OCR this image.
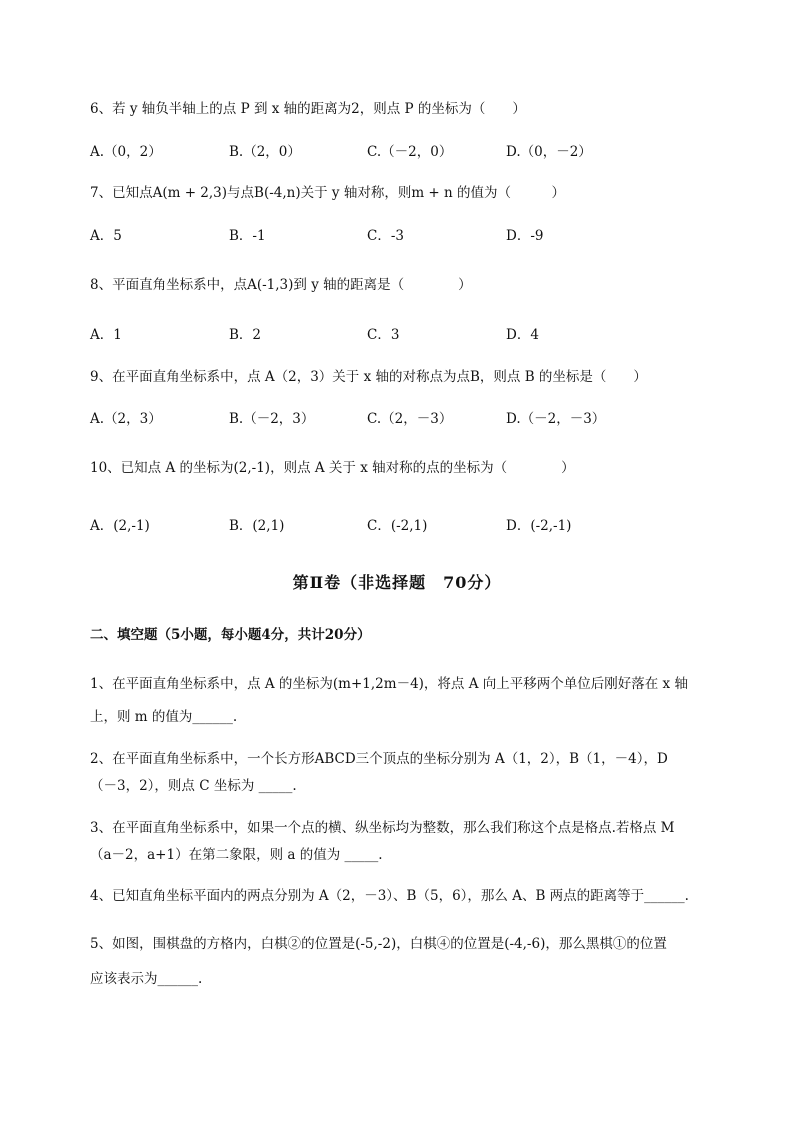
6、若 y 轴负半轴上的点 P 到 x 轴的距离为2，则点 P 的坐标为（　　）
A.（0，2）	B.（2，0）	C.（－2，0）	D.（0，－2）
7、已知点A(m + 2,3)与点B(-4,n)关于 y 轴对称，则m + n 的值为（　　　）
A．5	B．-1	C．-3	D．-9
8、平面直角坐标系中，点A(-1,3)到 y 轴的距离是（　　　　）
A．1	B．2	C．3	D．4
9、在平面直角坐标系中，点 A（2，3）关于 x 轴的对称点为点B，则点 B 的坐标是（　　）
A.（2，3）	B.（－2，3）	C.（2，－3）	D.（－2，－3）
10、已知点 A 的坐标为(2,-1)，则点 A 关于 x 轴对称的点的坐标为（　　　　）
A．(2,-1)	B．(2,1)	C．(-2,1)	D．(-2,-1)
第Ⅱ卷（非选择题　70分）
二、填空题（5小题，每小题4分，共计20分）
1、在平面直角坐标系中，点 A 的坐标为(m+1,2m－4)，将点 A 向上平移两个单位后刚好落在 x 轴
上，则 m 的值为______.
2、在平面直角坐标系中，一个长方形ABCD三个顶点的坐标分别为 A（1，2），B（1，－4），D
（－3，2），则点 C 坐标为 _____.
3、在平面直角坐标系中，如果一个点的横、纵坐标均为整数，那么我们称这个点是格点.若格点 M
（a－2，a+1）在第二象限，则 a 的值为 _____.
4、已知直角坐标平面内的两点分别为 A（2，－3）、B（5，6），那么 A、B 两点的距离等于______.
5、如图，围棋盘的方格内，白棋②的位置是(-5,-2)，白棋④的位置是(-4,-6)，那么黑棋①的位置
应该表示为______.
